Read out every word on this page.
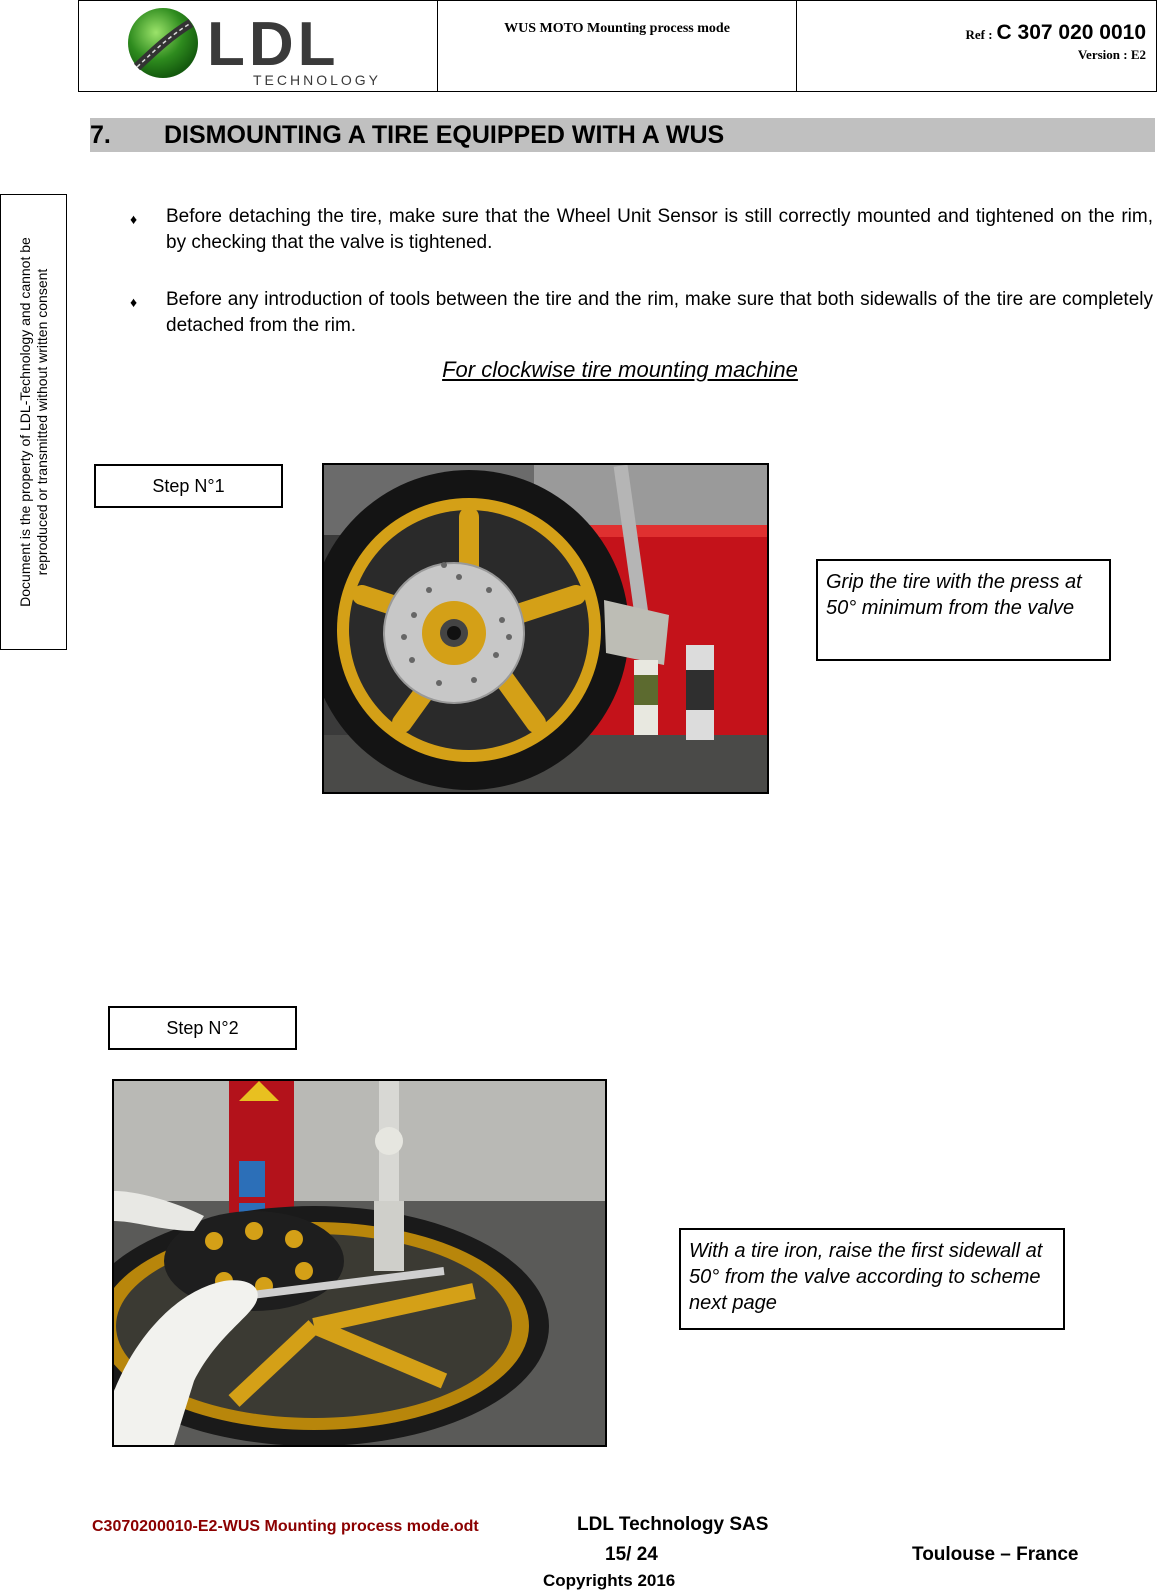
LDL
TECHNOLOGY
WUS MOTO Mounting process mode	Ref : C 307 020 0010
Version : E2
Document is the property of LDL-Technology and cannot be reproduced or transmitted without written consent
7.	DISMOUNTING A TIRE EQUIPPED WITH A WUS
♦	Before detaching the tire, make sure that the Wheel Unit Sensor is still correctly mounted and tightened on the rim, by checking that the valve is tightened.
♦	Before any introduction of tools between the tire and the rim, make sure that both sidewalls of the tire are completely detached from the rim.
For clockwise tire mounting machine
Step N°1
Grip the tire with the press at 50° minimum from the valve
Step N°2
With a tire iron, raise the first sidewall at 50° from the valve according to scheme next page
C3070200010-E2-WUS Mounting process mode.odt	LDL Technology SAS
15/ 24	Toulouse – France
Copyrights 2016
